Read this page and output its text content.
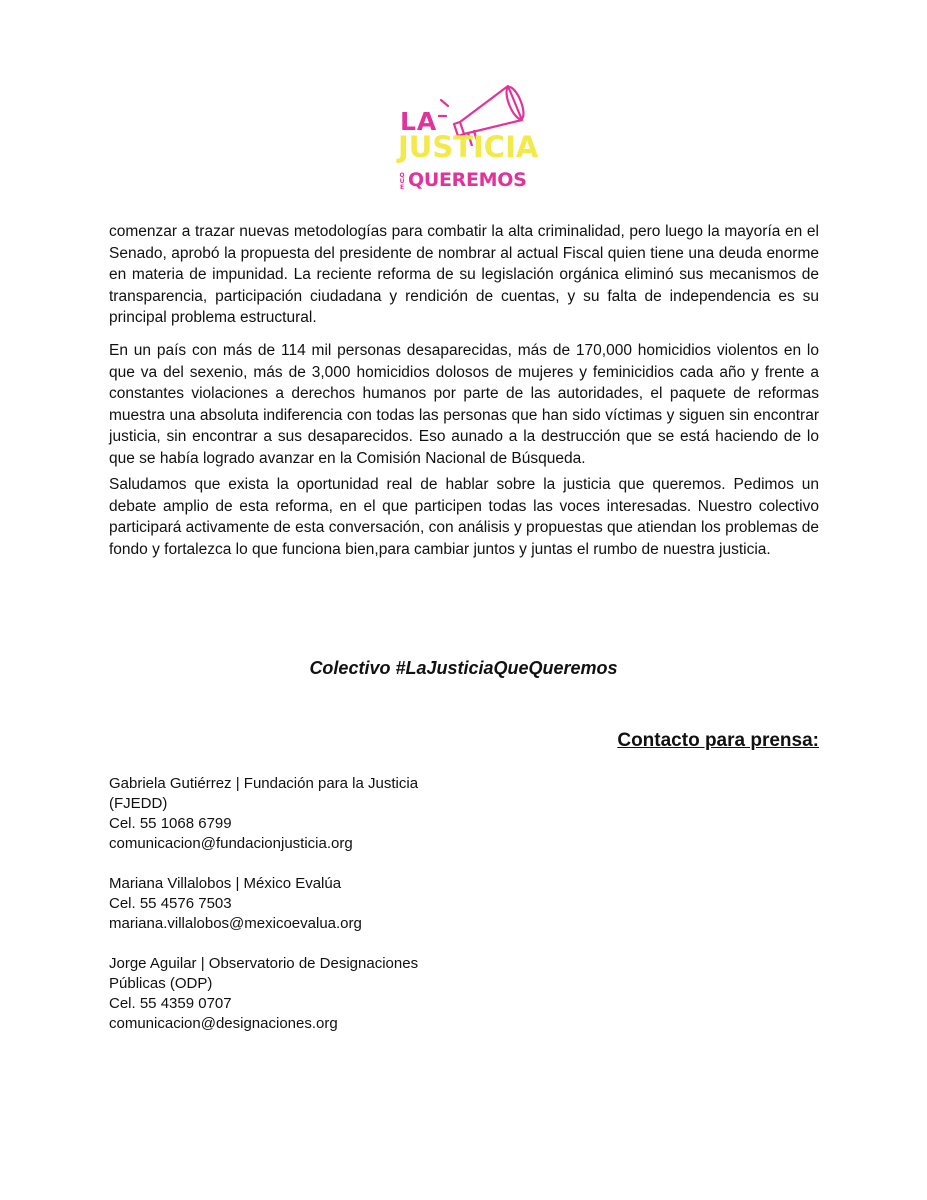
LA
JUSTICIA
Q
U
E QUEREMOS

comenzar a trazar nuevas metodologías para combatir la alta criminalidad, pero luego la mayoría en el Senado, aprobó la propuesta del presidente de nombrar al actual Fiscal quien tiene una deuda enorme en materia de impunidad. La reciente reforma de su legislación orgánica eliminó sus mecanismos de transparencia, participación ciudadana y rendición de cuentas, y su falta de independencia es su principal problema estructural.

En un país con más de 114 mil personas desaparecidas, más de 170,000 homicidios violentos en lo que va del sexenio, más de 3,000 homicidios dolosos de mujeres y feminicidios cada año y frente a constantes violaciones a derechos humanos por parte de las autoridades, el paquete de reformas muestra una absoluta indiferencia con todas las personas que han sido víctimas y siguen sin encontrar justicia, sin encontrar a sus desaparecidos. Eso aunado a la destrucción que se está haciendo de lo que se había logrado avanzar en la Comisión Nacional de Búsqueda.

Saludamos que exista la oportunidad real de hablar sobre la justicia que queremos. Pedimos un debate amplio de esta reforma, en el que participen todas las voces interesadas. Nuestro colectivo participará activamente de esta conversación, con análisis y propuestas que atiendan los problemas de fondo y fortalezca lo que funciona bien,para cambiar juntos y juntas el rumbo de nuestra justicia.

Colectivo #LaJusticiaQueQueremos

Contacto para prensa:

Gabriela Gutiérrez | Fundación para la Justicia
(FJEDD)
Cel. 55 1068 6799
comunicacion@fundacionjusticia.org
Mariana Villalobos | México Evalúa
Cel. 55 4576 7503
mariana.villalobos@mexicoevalua.org
Jorge Aguilar | Observatorio de Designaciones
Públicas (ODP)
Cel. 55 4359 0707
comunicacion@designaciones.org
